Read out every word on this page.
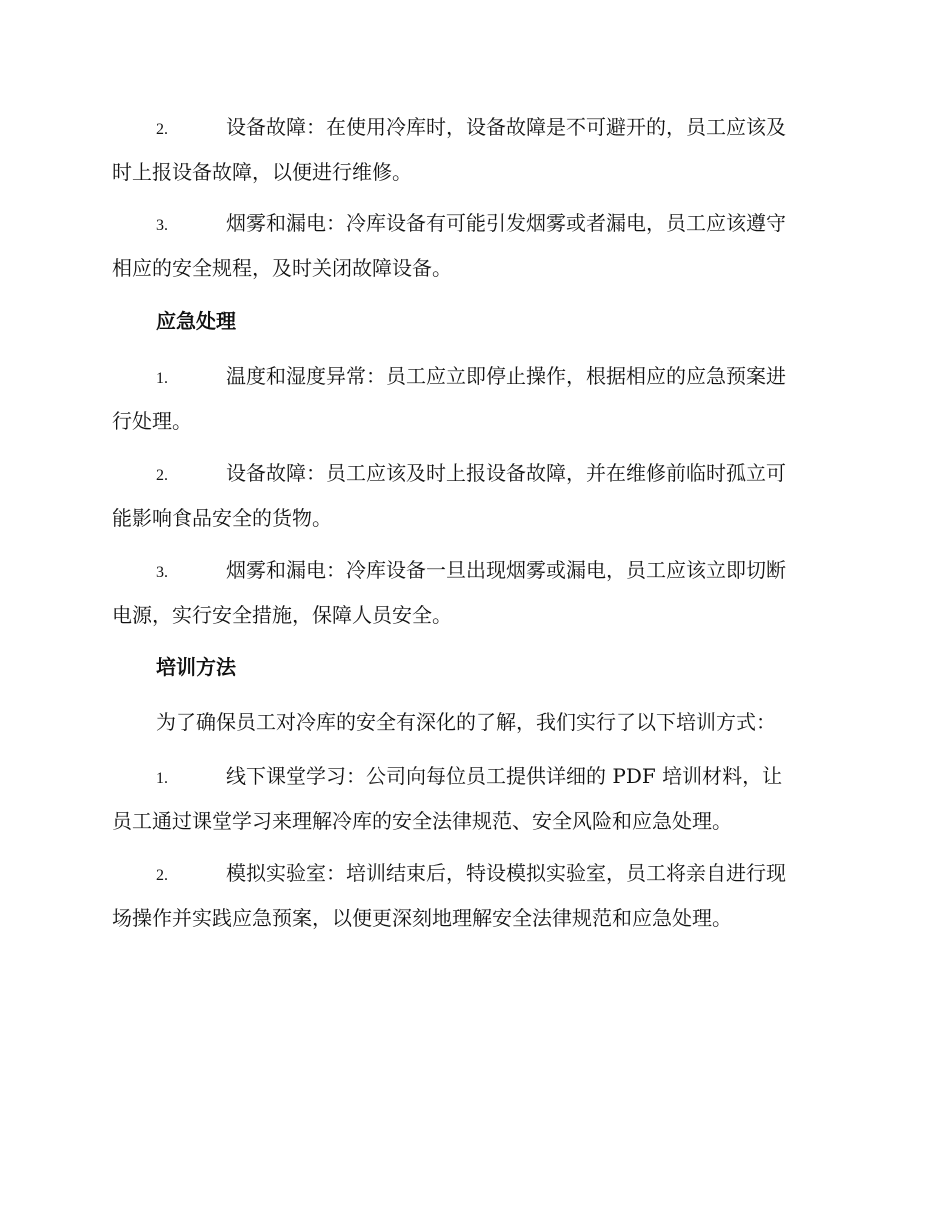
2.	设备故障：在使用冷库时，设备故障是不可避开的，员工应该及
时上报设备故障，以便进行维修。
3.	烟雾和漏电：冷库设备有可能引发烟雾或者漏电，员工应该遵守
相应的安全规程，及时关闭故障设备。
应急处理
1.	温度和湿度异常：员工应立即停止操作，根据相应的应急预案进
行处理。
2.	设备故障：员工应该及时上报设备故障，并在维修前临时孤立可
能影响食品安全的货物。
3.	烟雾和漏电：冷库设备一旦出现烟雾或漏电，员工应该立即切断
电源，实行安全措施，保障人员安全。
培训方法
为了确保员工对冷库的安全有深化的了解，我们实行了以下培训方式：
1.	线下课堂学习：公司向每位员工提供详细的 PDF 培训材料，让
员工通过课堂学习来理解冷库的安全法律规范、安全风险和应急处理。
2.	模拟实验室：培训结束后，特设模拟实验室，员工将亲自进行现
场操作并实践应急预案，以便更深刻地理解安全法律规范和应急处理。
